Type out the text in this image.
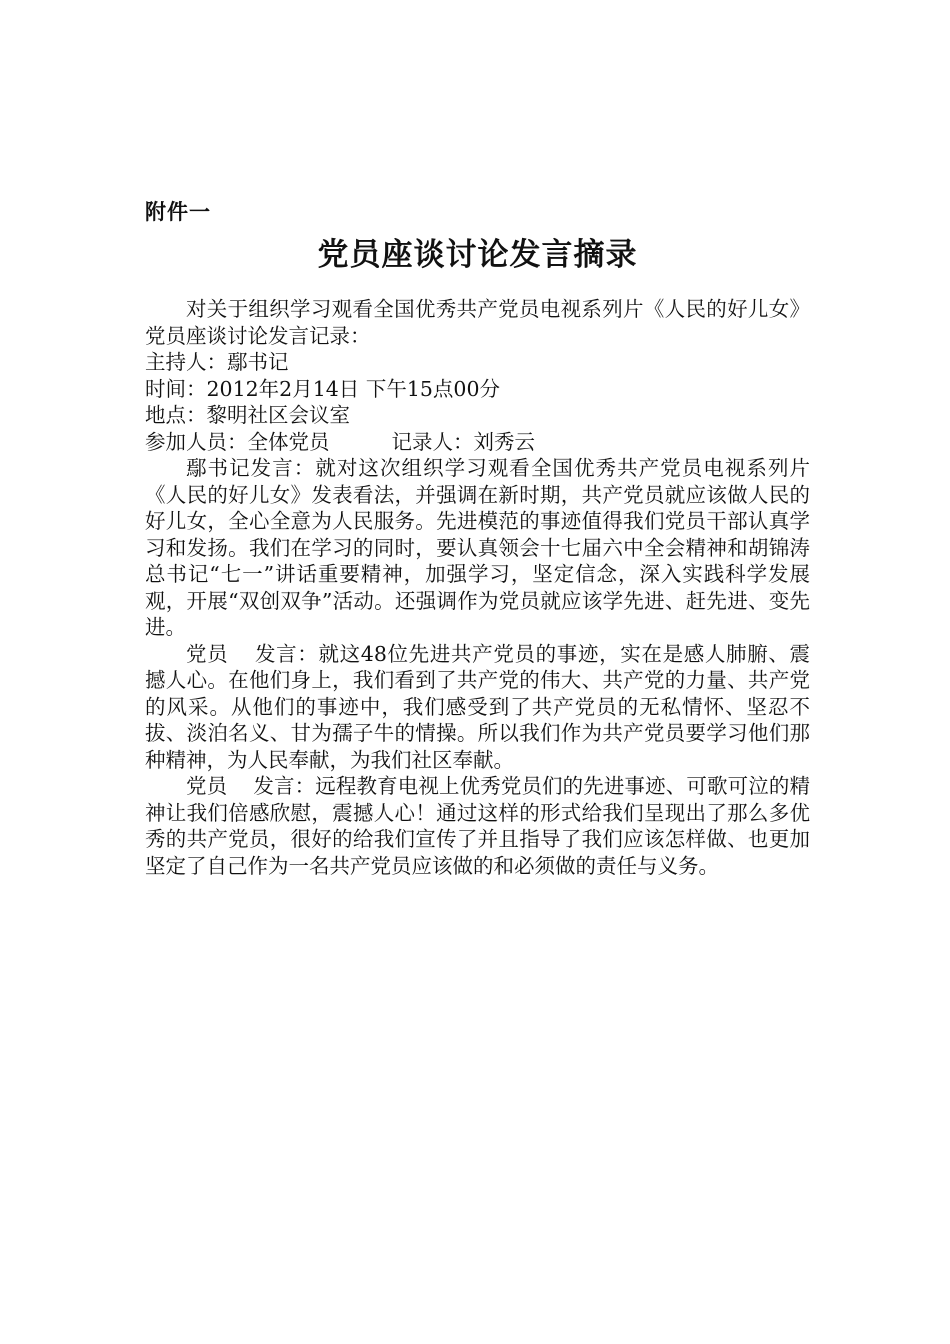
附件一

党员座谈讨论发言摘录

对关于组织学习观看全国优秀共产党员电视系列片《人民的好儿女》党员座谈讨论发言记录：

主持人：鄢书记

时间：2012年2月14日 下午15点00分

地点：黎明社区会议室

参加人员：全体党员	记录人：刘秀云

鄢书记发言：就对这次组织学习观看全国优秀共产党员电视系列片《人民的好儿女》发表看法，并强调在新时期，共产党员就应该做人民的好儿女，全心全意为人民服务。先进模范的事迹值得我们党员干部认真学习和发扬。我们在学习的同时，要认真领会十七届六中全会精神和胡锦涛总书记“七一”讲话重要精神，加强学习，坚定信念，深入实践科学发展观，开展“双创双争”活动。还强调作为党员就应该学先进、赶先进、变先进。

党员 发言：就这48位先进共产党员的事迹，实在是感人肺腑、震撼人心。在他们身上，我们看到了共产党的伟大、共产党的力量、共产党的风采。从他们的事迹中，我们感受到了共产党员的无私情怀、坚忍不拔、淡泊名义、甘为孺子牛的情操。所以我们作为共产党员要学习他们那种精神，为人民奉献，为我们社区奉献。

党员 发言：远程教育电视上优秀党员们的先进事迹、可歌可泣的精神让我们倍感欣慰，震撼人心！通过这样的形式给我们呈现出了那么多优秀的共产党员，很好的给我们宣传了并且指导了我们应该怎样做、也更加坚定了自己作为一名共产党员应该做的和必须做的责任与义务。
